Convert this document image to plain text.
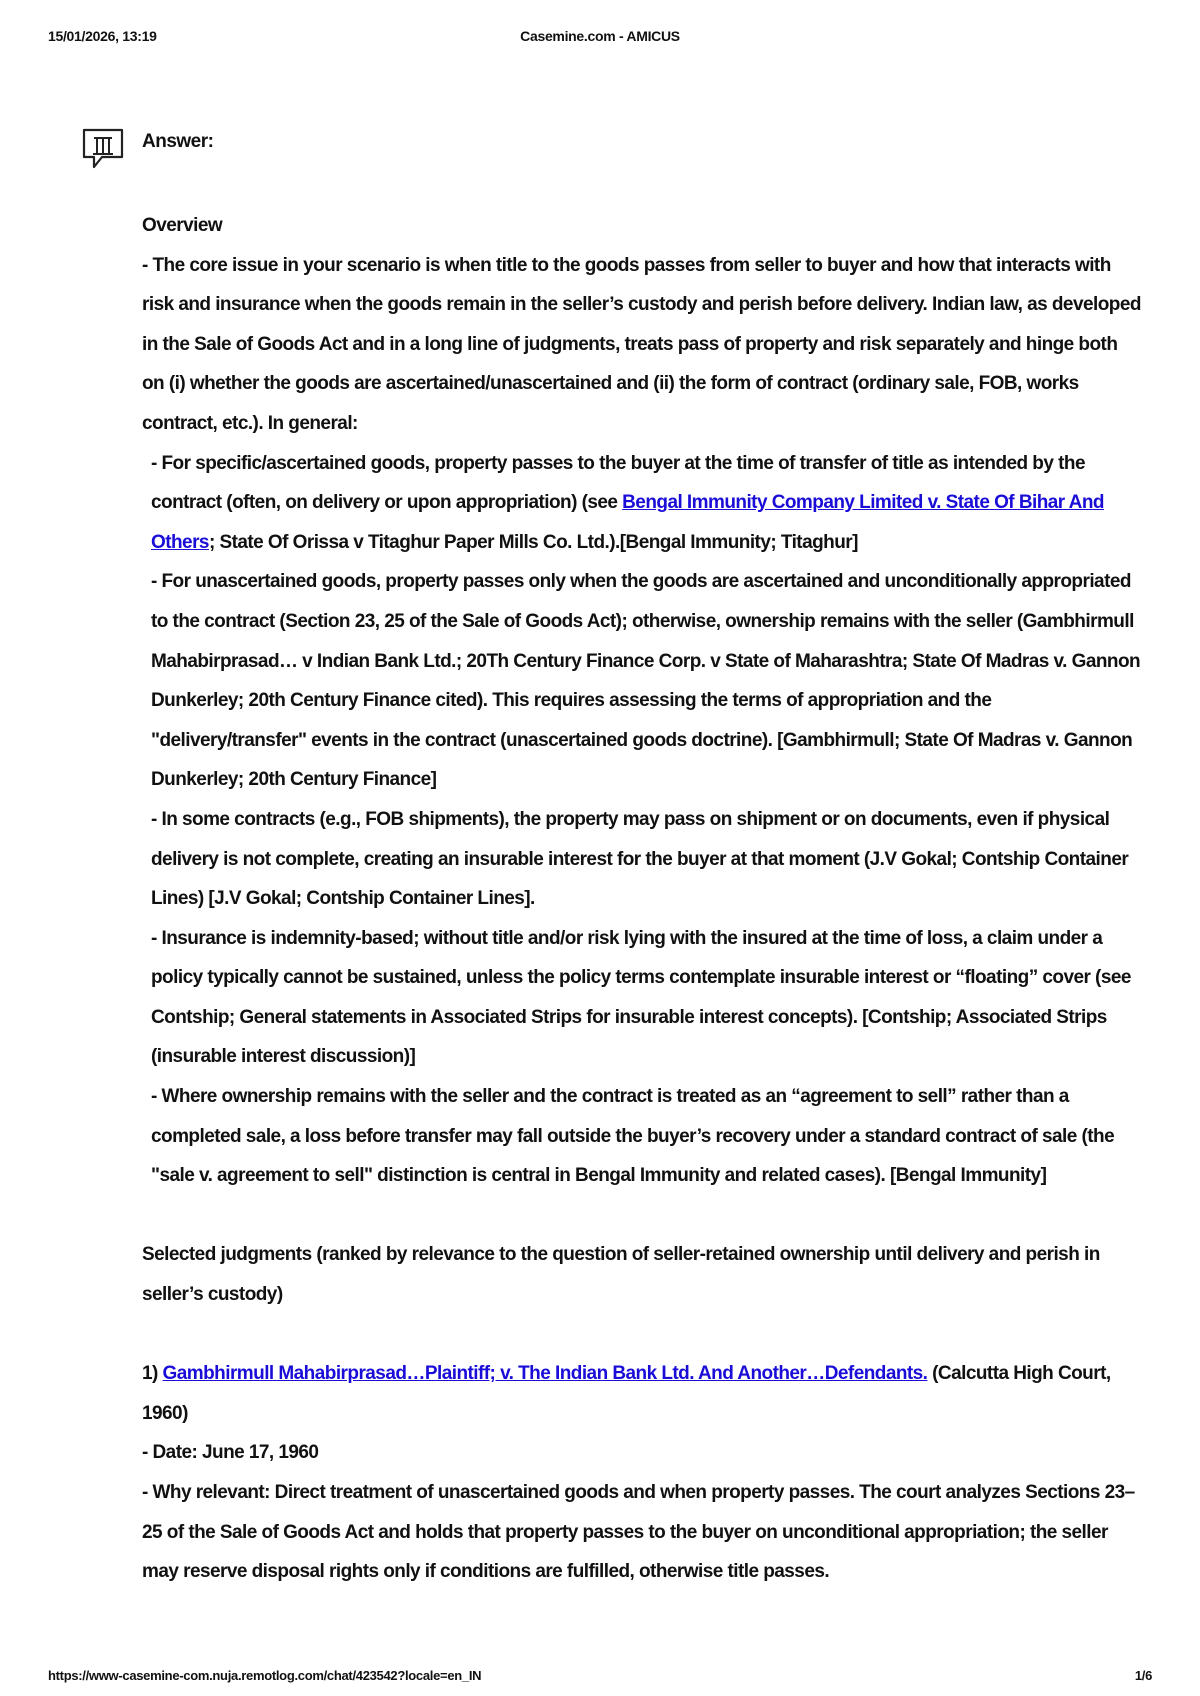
15/01/2026, 13:19	Casemine.com - AMICUS
Answer:

Overview

- The core issue in your scenario is when title to the goods passes from seller to buyer and how that interacts with risk and insurance when the goods remain in the seller’s custody and perish before delivery. Indian law, as developed in the Sale of Goods Act and in a long line of judgments, treats pass of property and risk separately and hinge both on (i) whether the goods are ascertained/unascertained and (ii) the form of contract (ordinary sale, FOB, works contract, etc.). In general:

- For specific/ascertained goods, property passes to the buyer at the time of transfer of title as intended by the contract (often, on delivery or upon appropriation) (see Bengal Immunity Company Limited v. State Of Bihar And Others; State Of Orissa v Titaghur Paper Mills Co. Ltd.).[Bengal Immunity; Titaghur]

- For unascertained goods, property passes only when the goods are ascertained and unconditionally appropriated to the contract (Section 23, 25 of the Sale of Goods Act); otherwise, ownership remains with the seller (Gambhirmull Mahabirprasad… v Indian Bank Ltd.; 20Th Century Finance Corp. v State of Maharashtra; State Of Madras v. Gannon Dunkerley; 20th Century Finance cited). This requires assessing the terms of appropriation and the "delivery/transfer" events in the contract (unascertained goods doctrine). [Gambhirmull; State Of Madras v. Gannon Dunkerley; 20th Century Finance]

- In some contracts (e.g., FOB shipments), the property may pass on shipment or on documents, even if physical delivery is not complete, creating an insurable interest for the buyer at that moment (J.V Gokal; Contship Container Lines) [J.V Gokal; Contship Container Lines].

- Insurance is indemnity-based; without title and/or risk lying with the insured at the time of loss, a claim under a policy typically cannot be sustained, unless the policy terms contemplate insurable interest or “floating” cover (see Contship; General statements in Associated Strips for insurable interest concepts). [Contship; Associated Strips (insurable interest discussion)]

- Where ownership remains with the seller and the contract is treated as an “agreement to sell” rather than a completed sale, a loss before transfer may fall outside the buyer’s recovery under a standard contract of sale (the "sale v. agreement to sell" distinction is central in Bengal Immunity and related cases). [Bengal Immunity]

Selected judgments (ranked by relevance to the question of seller-retained ownership until delivery and perish in seller’s custody)

1) Gambhirmull Mahabirprasad…Plaintiff; v. The Indian Bank Ltd. And Another…Defendants. (Calcutta High Court, 1960)

- Date: June 17, 1960

- Why relevant: Direct treatment of unascertained goods and when property passes. The court analyzes Sections 23–25 of the Sale of Goods Act and holds that property passes to the buyer on unconditional appropriation; the seller may reserve disposal rights only if conditions are fulfilled, otherwise title passes.

https://www-casemine-com.nuja.remotlog.com/chat/423542?locale=en_IN	1/6
